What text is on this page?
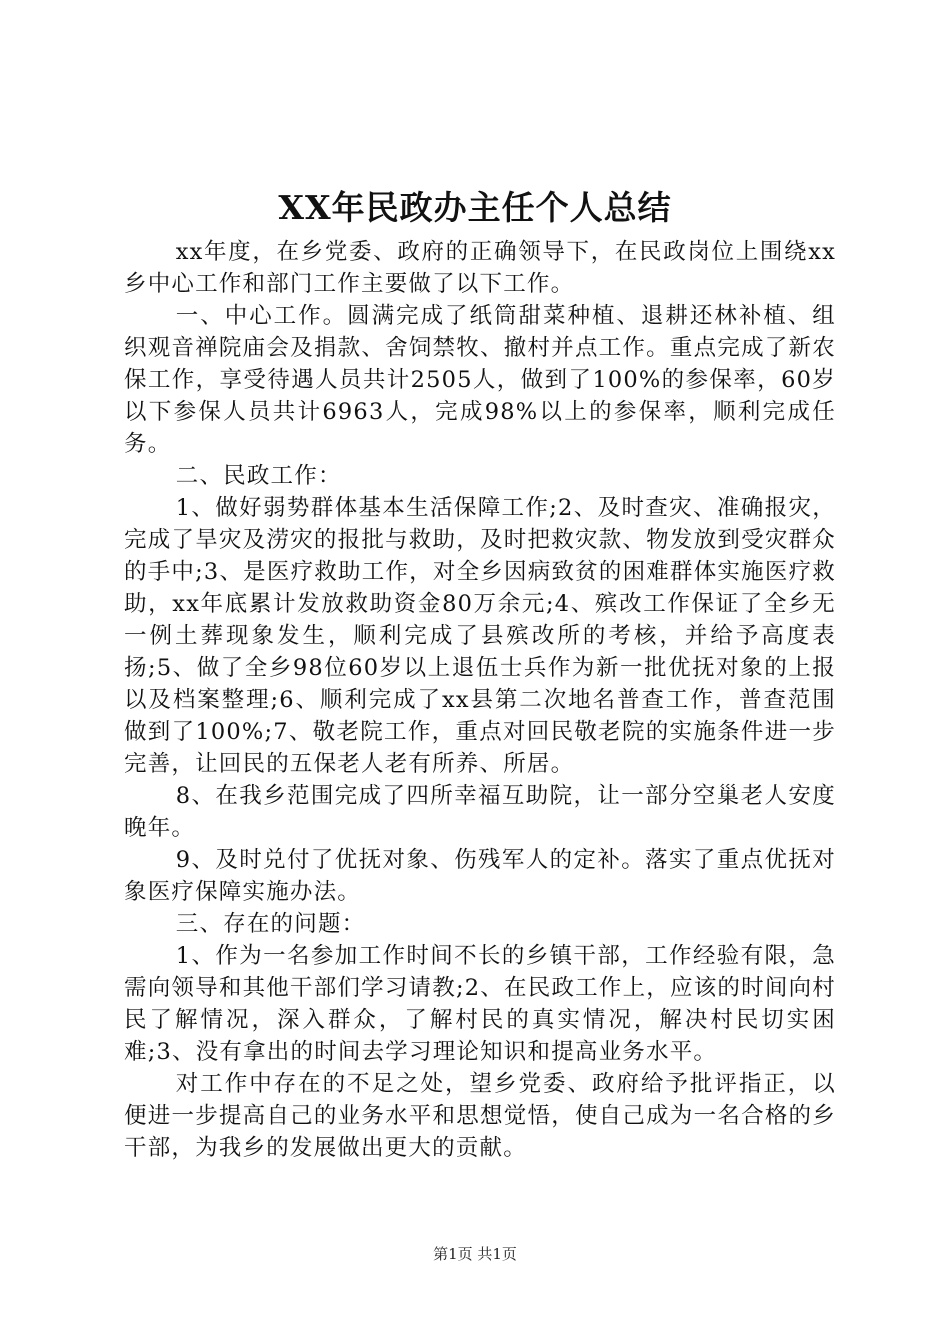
XX年民政办主任个人总结

xx年度，在乡党委、政府的正确领导下，在民政岗位上围绕xx乡中心工作和部门工作主要做了以下工作。

一、中心工作。圆满完成了纸筒甜菜种植、退耕还林补植、组织观音禅院庙会及捐款、舍饲禁牧、撤村并点工作。重点完成了新农保工作，享受待遇人员共计2505人，做到了100%的参保率，60岁以下参保人员共计6963人，完成98%以上的参保率，顺利完成任务。

二、民政工作：

1、做好弱势群体基本生活保障工作;2、及时查灾、准确报灾，完成了旱灾及涝灾的报批与救助，及时把救灾款、物发放到受灾群众的手中;3、是医疗救助工作，对全乡因病致贫的困难群体实施医疗救助，xx年底累计发放救助资金80万余元;4、殡改工作保证了全乡无一例土葬现象发生，顺利完成了县殡改所的考核，并给予高度表扬;5、做了全乡98位60岁以上退伍士兵作为新一批优抚对象的上报以及档案整理;6、顺利完成了xx县第二次地名普查工作，普查范围做到了100%;7、敬老院工作，重点对回民敬老院的实施条件进一步完善，让回民的五保老人老有所养、所居。

8、在我乡范围完成了四所幸福互助院，让一部分空巢老人安度晚年。

9、及时兑付了优抚对象、伤残军人的定补。落实了重点优抚对象医疗保障实施办法。

三、存在的问题：

1、作为一名参加工作时间不长的乡镇干部，工作经验有限，急需向领导和其他干部们学习请教;2、在民政工作上，应该的时间向村民了解情况，深入群众，了解村民的真实情况，解决村民切实困难;3、没有拿出的时间去学习理论知识和提高业务水平。

对工作中存在的不足之处，望乡党委、政府给予批评指正，以便进一步提高自己的业务水平和思想觉悟，使自己成为一名合格的乡干部，为我乡的发展做出更大的贡献。

第1页 共1页
